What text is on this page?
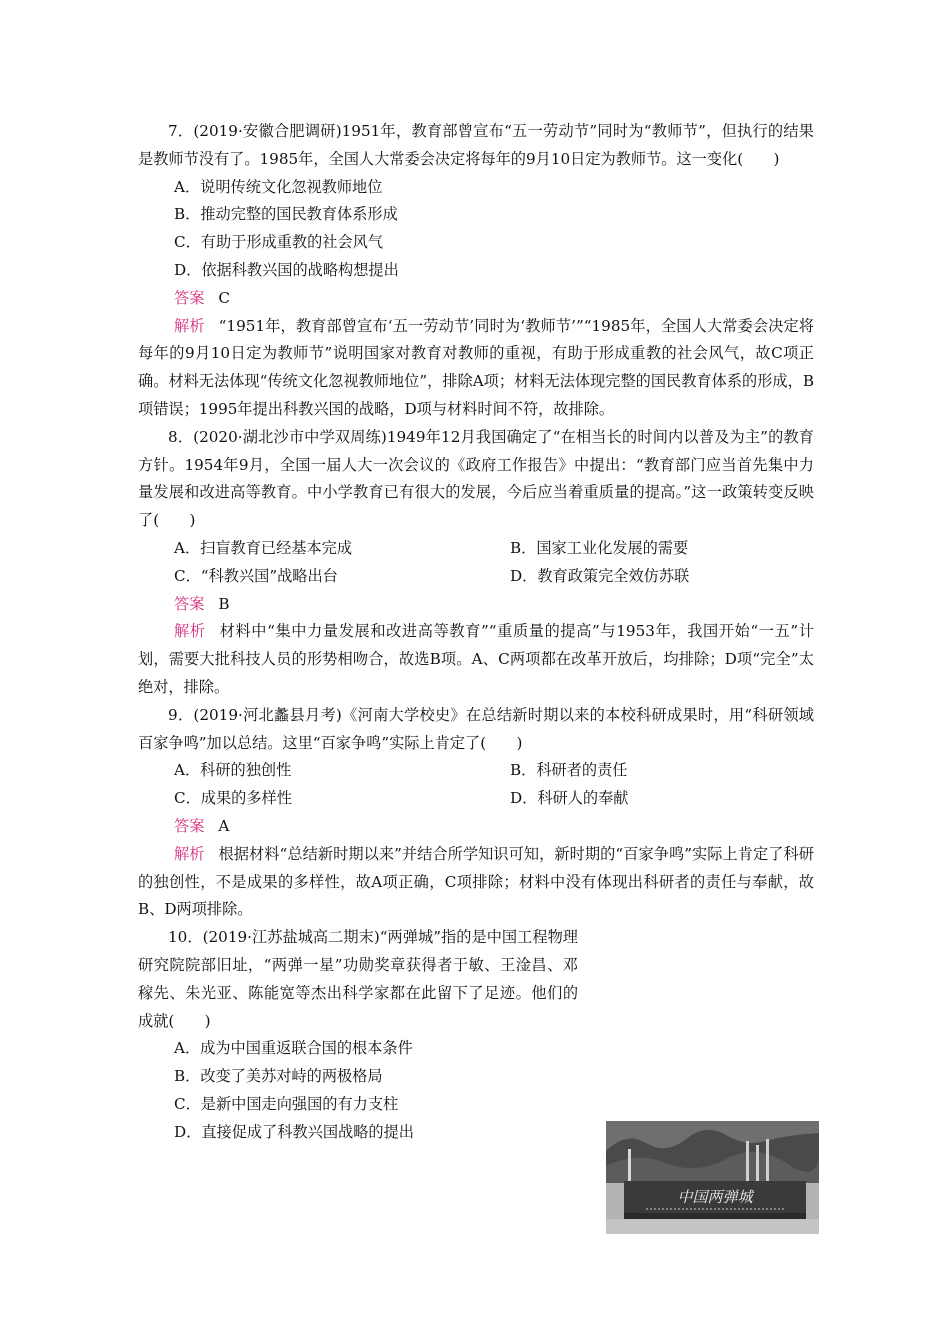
7．(2019·安徽合肥调研)1951年，教育部曾宣布“五一劳动节”同时为“教师节”，但执行的结果是教师节没有了。1985年，全国人大常委会决定将每年的9月10日定为教师节。这一变化(　　)

A．说明传统文化忽视教师地位

B．推动完整的国民教育体系形成

C．有助于形成重教的社会风气

D．依据科教兴国的战略构想提出

答案 C

解析 “1951年，教育部曾宣布‘五一劳动节’同时为‘教师节’”“1985年，全国人大常委会决定将每年的9月10日定为教师节”说明国家对教育对教师的重视，有助于形成重教的社会风气，故C项正确。材料无法体现“传统文化忽视教师地位”，排除A项；材料无法体现完整的国民教育体系的形成，B项错误；1995年提出科教兴国的战略，D项与材料时间不符，故排除。

8．(2020·湖北沙市中学双周练)1949年12月我国确定了“在相当长的时间内以普及为主”的教育方针。1954年9月，全国一届人大一次会议的《政府工作报告》中提出：“教育部门应当首先集中力量发展和改进高等教育。中小学教育已有很大的发展，今后应当着重质量的提高。”这一政策转变反映了(　　)

A．扫盲教育已经基本完成	B．国家工业化发展的需要
C．“科教兴国”战略出台	D．教育政策完全效仿苏联

答案 B

解析 材料中“集中力量发展和改进高等教育”“重质量的提高”与1953年，我国开始“一五”计划，需要大批科技人员的形势相吻合，故选B项。A、C两项都在改革开放后，均排除；D项“完全”太绝对，排除。

9．(2019·河北蠡县月考)《河南大学校史》在总结新时期以来的本校科研成果时，用“科研领域百家争鸣”加以总结。这里“百家争鸣”实际上肯定了(　　)

A．科研的独创性	B．科研者的责任
C．成果的多样性	D．科研人的奉献

答案 A

解析 根据材料“总结新时期以来”并结合所学知识可知，新时期的“百家争鸣”实际上肯定了科研的独创性，不是成果的多样性，故A项正确，C项排除；材料中没有体现出科研者的责任与奉献，故B、D两项排除。

10．(2019·江苏盐城高二期末)“两弹城”指的是中国工程物理研究院院部旧址，“两弹一星”功勋奖章获得者于敏、王淦昌、邓稼先、朱光亚、陈能宽等杰出科学家都在此留下了足迹。他们的成就(　　)

A．成为中国重返联合国的根本条件

B．改变了美苏对峙的两极格局

C．是新中国走向强国的有力支柱

D．直接促成了科教兴国战略的提出

中国两弹城
